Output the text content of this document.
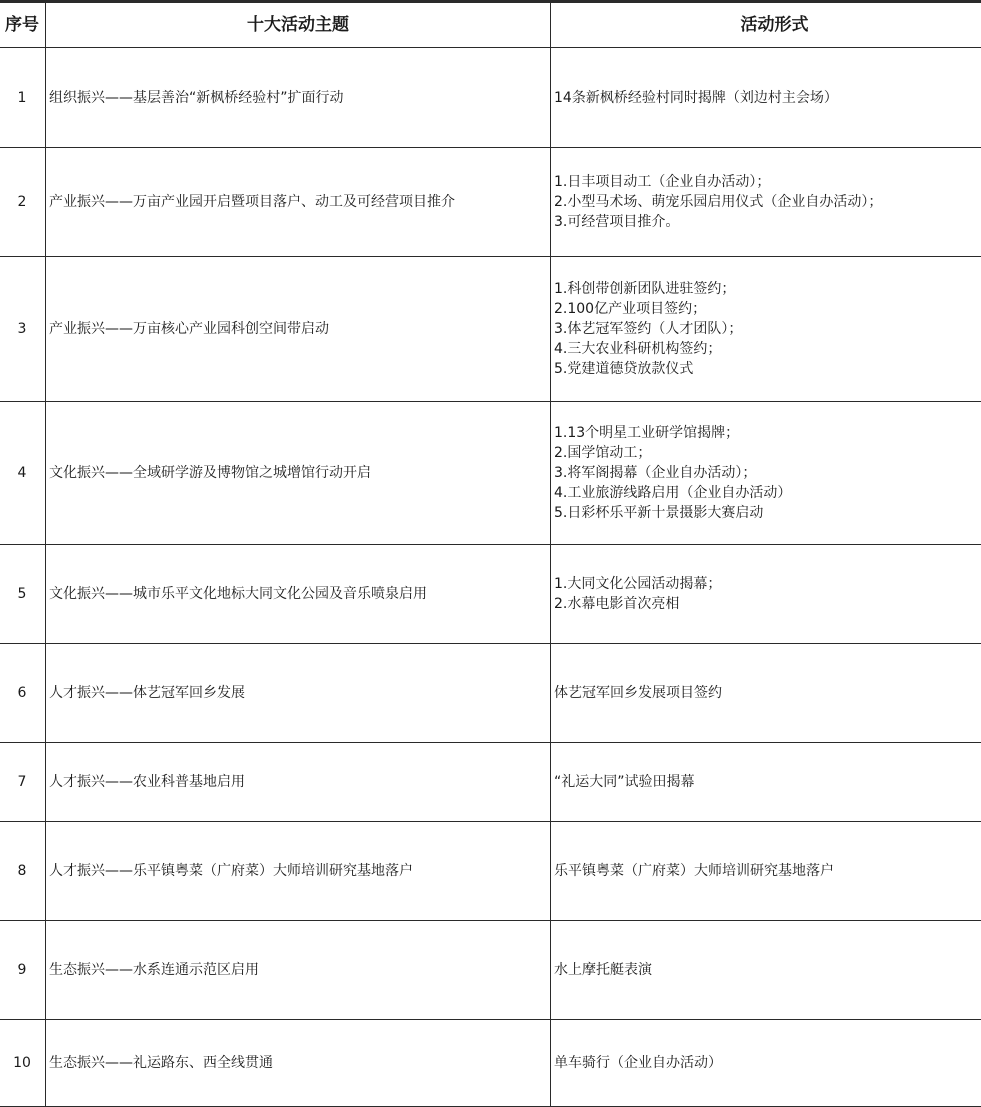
序号	十大活动主题	活动形式
1	组织振兴——基层善治“新枫桥经验村”扩面行动	14条新枫桥经验村同时揭牌（刘边村主会场）

2	产业振兴——万亩产业园开启暨项目落户、动工及可经营项目推介	1.日丰项目动工（企业自办活动）；
2.小型马术场、萌宠乐园启用仪式（企业自办活动）；
3.可经营项目推介。

3	产业振兴——万亩核心产业园科创空间带启动	1.科创带创新团队进驻签约；
2.100亿产业项目签约；
3.体艺冠军签约（人才团队）；
4.三大农业科研机构签约；
5.党建道德贷放款仪式

4	文化振兴——全域研学游及博物馆之城增馆行动开启	1.13个明星工业研学馆揭牌；
2.国学馆动工；
3.将军阁揭幕（企业自办活动）；
4.工业旅游线路启用（企业自办活动）
5.日彩杯乐平新十景摄影大赛启动

5	文化振兴——城市乐平文化地标大同文化公园及音乐喷泉启用	1.大同文化公园活动揭幕；
2.水幕电影首次亮相

6	人才振兴——体艺冠军回乡发展	体艺冠军回乡发展项目签约

7	人才振兴——农业科普基地启用	“礼运大同”试验田揭幕

8	人才振兴——乐平镇粤菜（广府菜）大师培训研究基地落户	乐平镇粤菜（广府菜）大师培训研究基地落户

9	生态振兴——水系连通示范区启用	水上摩托艇表演

10	生态振兴——礼运路东、西全线贯通	单车骑行（企业自办活动）
